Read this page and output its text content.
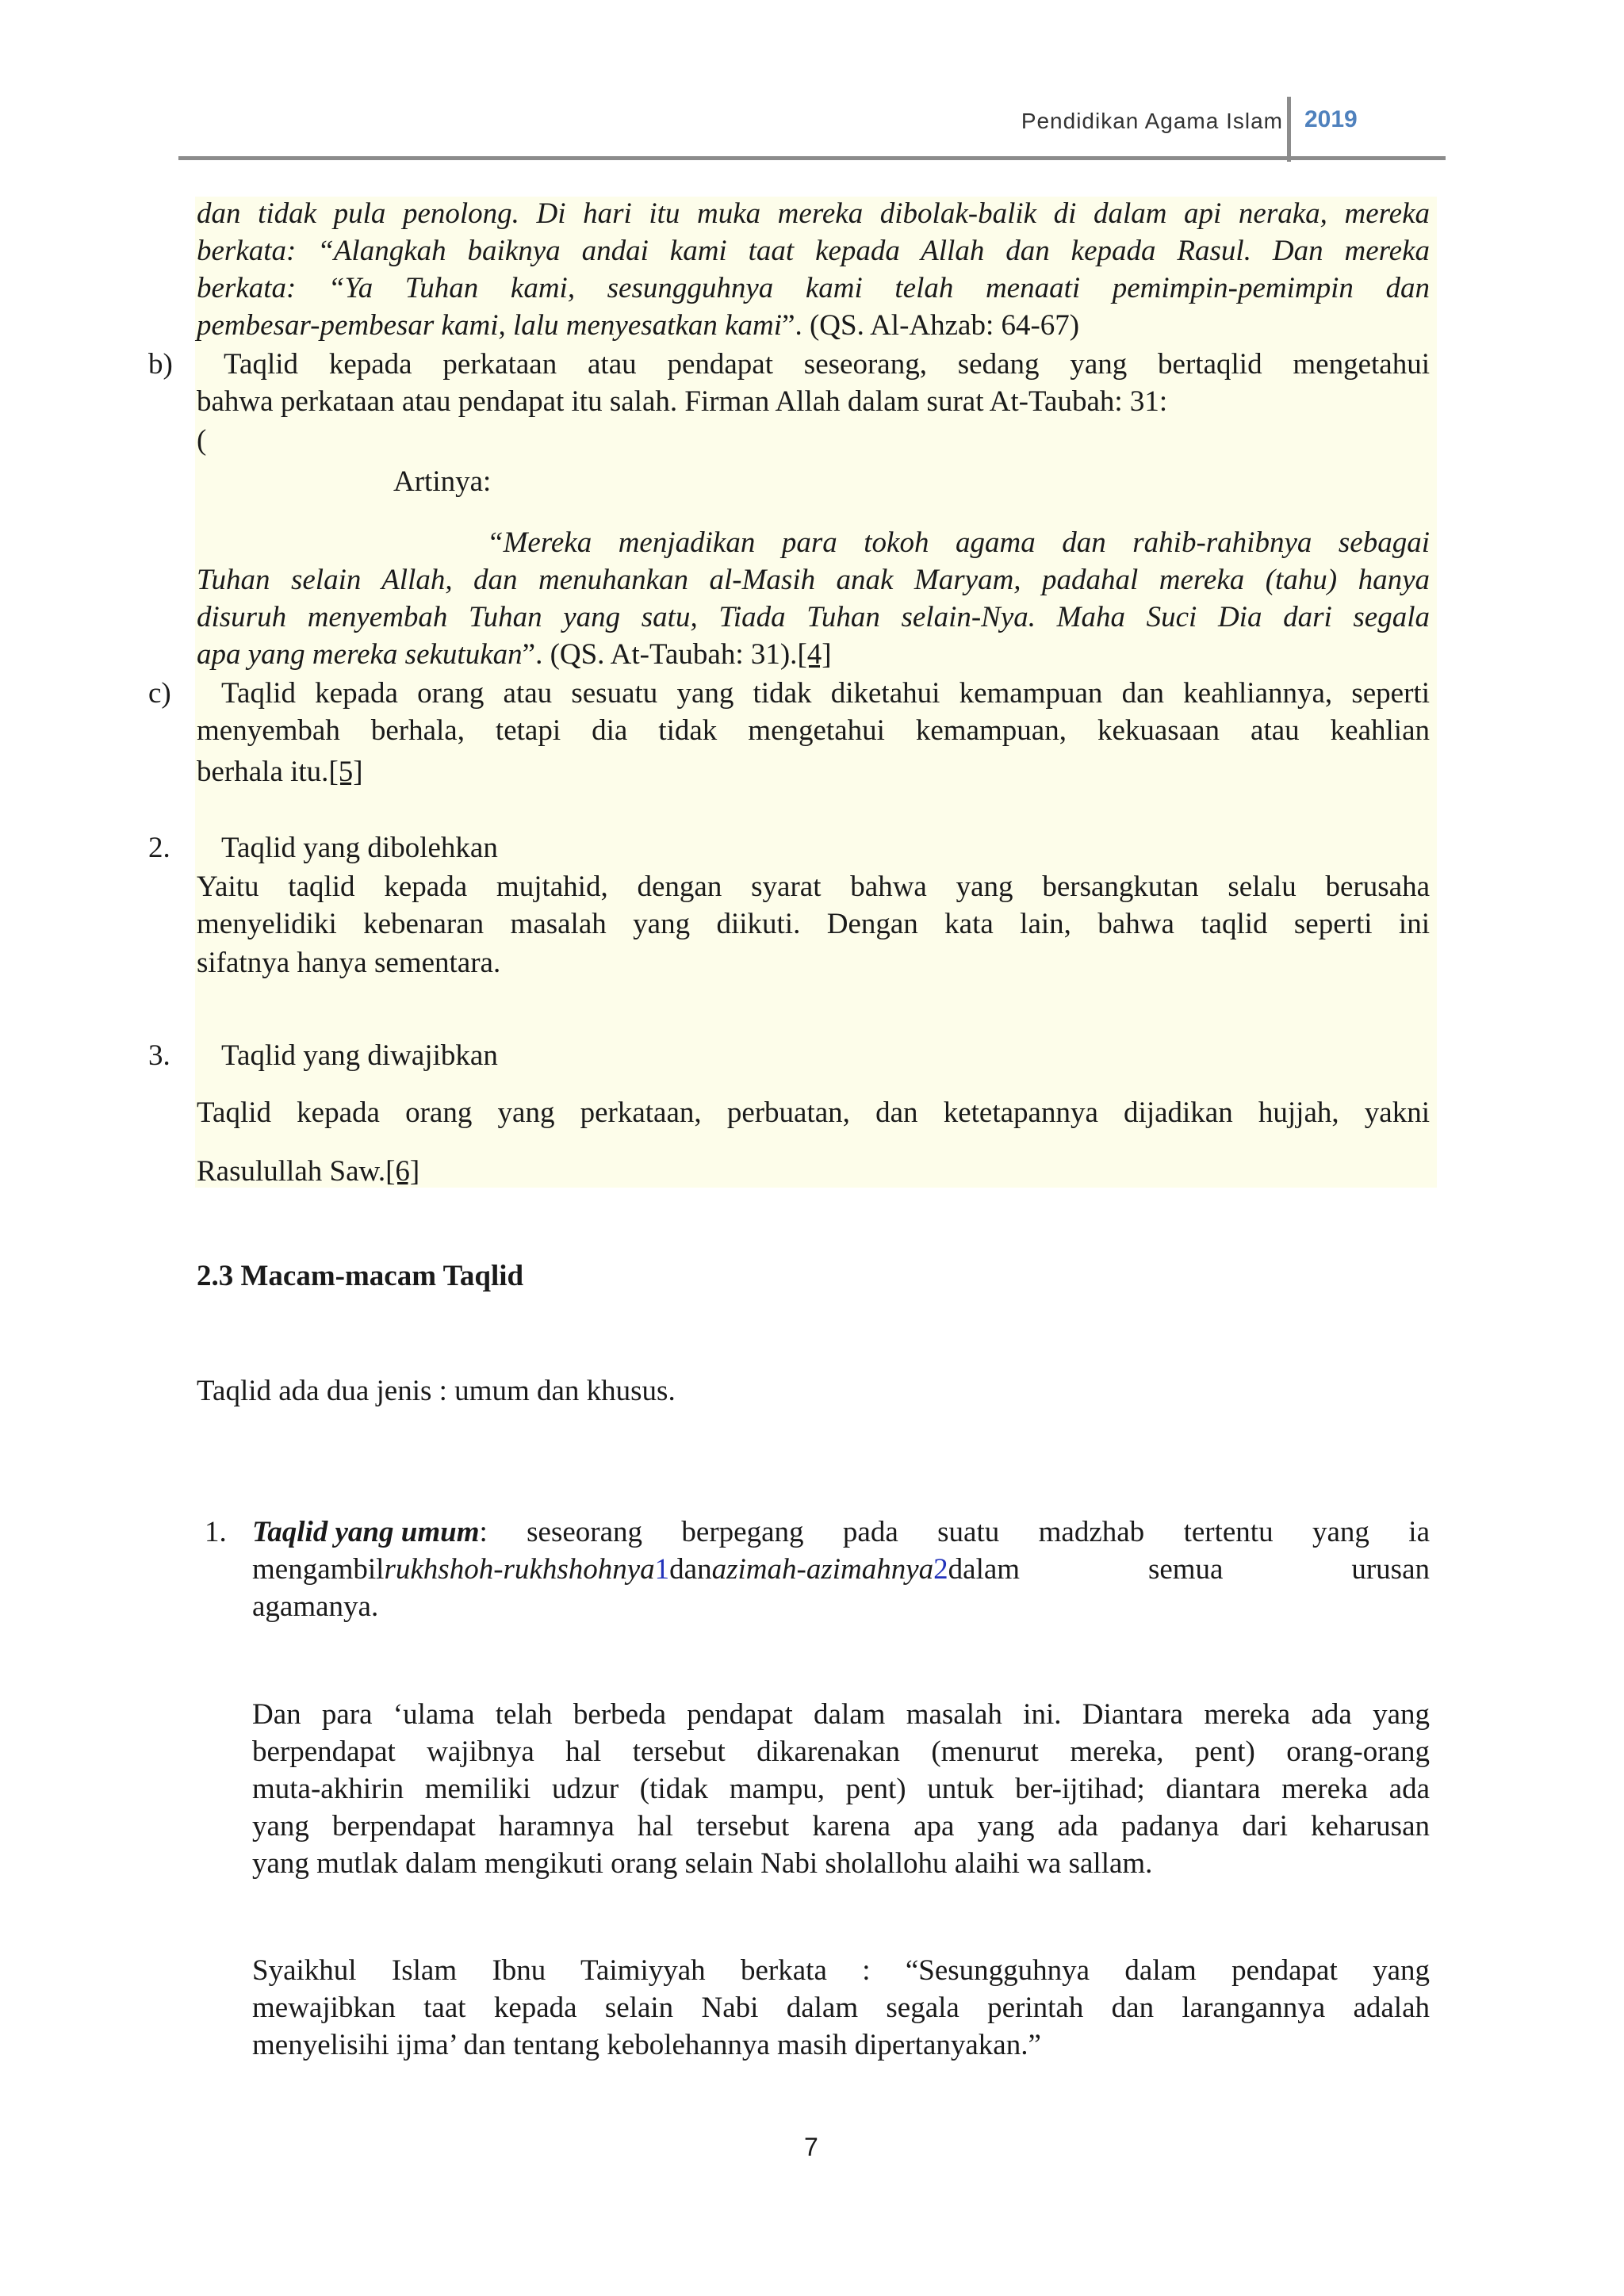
Pendidikan Agama Islam 2019
dan tidak pula penolong. Di hari itu muka mereka dibolak-balik di dalam api neraka, mereka
berkata: “Alangkah baiknya andai kami taat kepada Allah dan kepada Rasul. Dan mereka
berkata: “Ya Tuhan kami, sesungguhnya kami telah menaati pemimpin-pemimpin dan
pembesar-pembesar kami, lalu menyesatkan kami”. (QS. Al-Ahzab: 64-67)
b) Taqlid kepada perkataan atau pendapat seseorang, sedang yang bertaqlid mengetahui
bahwa perkataan atau pendapat itu salah. Firman Allah dalam surat At-Taubah: 31:
(
Artinya:
“Mereka menjadikan para tokoh agama dan rahib-rahibnya sebagai
Tuhan selain Allah, dan menuhankan al-Masih anak Maryam, padahal mereka (tahu) hanya
disuruh menyembah Tuhan yang satu, Tiada Tuhan selain-Nya. Maha Suci Dia dari segala
apa yang mereka sekutukan”. (QS. At-Taubah: 31).[4]
c) Taqlid kepada orang atau sesuatu yang tidak diketahui kemampuan dan keahliannya, seperti
menyembah berhala, tetapi dia tidak mengetahui kemampuan, kekuasaan atau keahlian
berhala itu.[5]
2. Taqlid yang dibolehkan
Yaitu taqlid kepada mujtahid, dengan syarat bahwa yang bersangkutan selalu berusaha
menyelidiki kebenaran masalah yang diikuti. Dengan kata lain, bahwa taqlid seperti ini
sifatnya hanya sementara.
3. Taqlid yang diwajibkan
Taqlid kepada orang yang perkataan, perbuatan, dan ketetapannya dijadikan hujjah, yakni
Rasulullah Saw.[6]
2.3 Macam-macam Taqlid
Taqlid ada dua jenis : umum dan khusus.
1. Taqlid yang umum : seseorang berpegang pada suatu madzhab tertentu yang ia
mengambil rukhshoh-rukhshohnya 1 dan azimah-azimahnya 2 dalam	semua	urusan
agamanya.
Dan para ‘ulama telah berbeda pendapat dalam masalah ini. Diantara mereka ada yang
berpendapat wajibnya hal tersebut dikarenakan (menurut mereka, pent) orang-orang
muta-akhirin memiliki udzur (tidak mampu, pent) untuk ber-ijtihad; diantara mereka ada
yang berpendapat haramnya hal tersebut karena apa yang ada padanya dari keharusan
yang mutlak dalam mengikuti orang selain Nabi sholallohu alaihi wa sallam.
Syaikhul Islam Ibnu Taimiyyah berkata : “Sesungguhnya dalam pendapat yang
mewajibkan taat kepada selain Nabi dalam segala perintah dan larangannya adalah
menyelisihi ijma’ dan tentang kebolehannya masih dipertanyakan.”
7
